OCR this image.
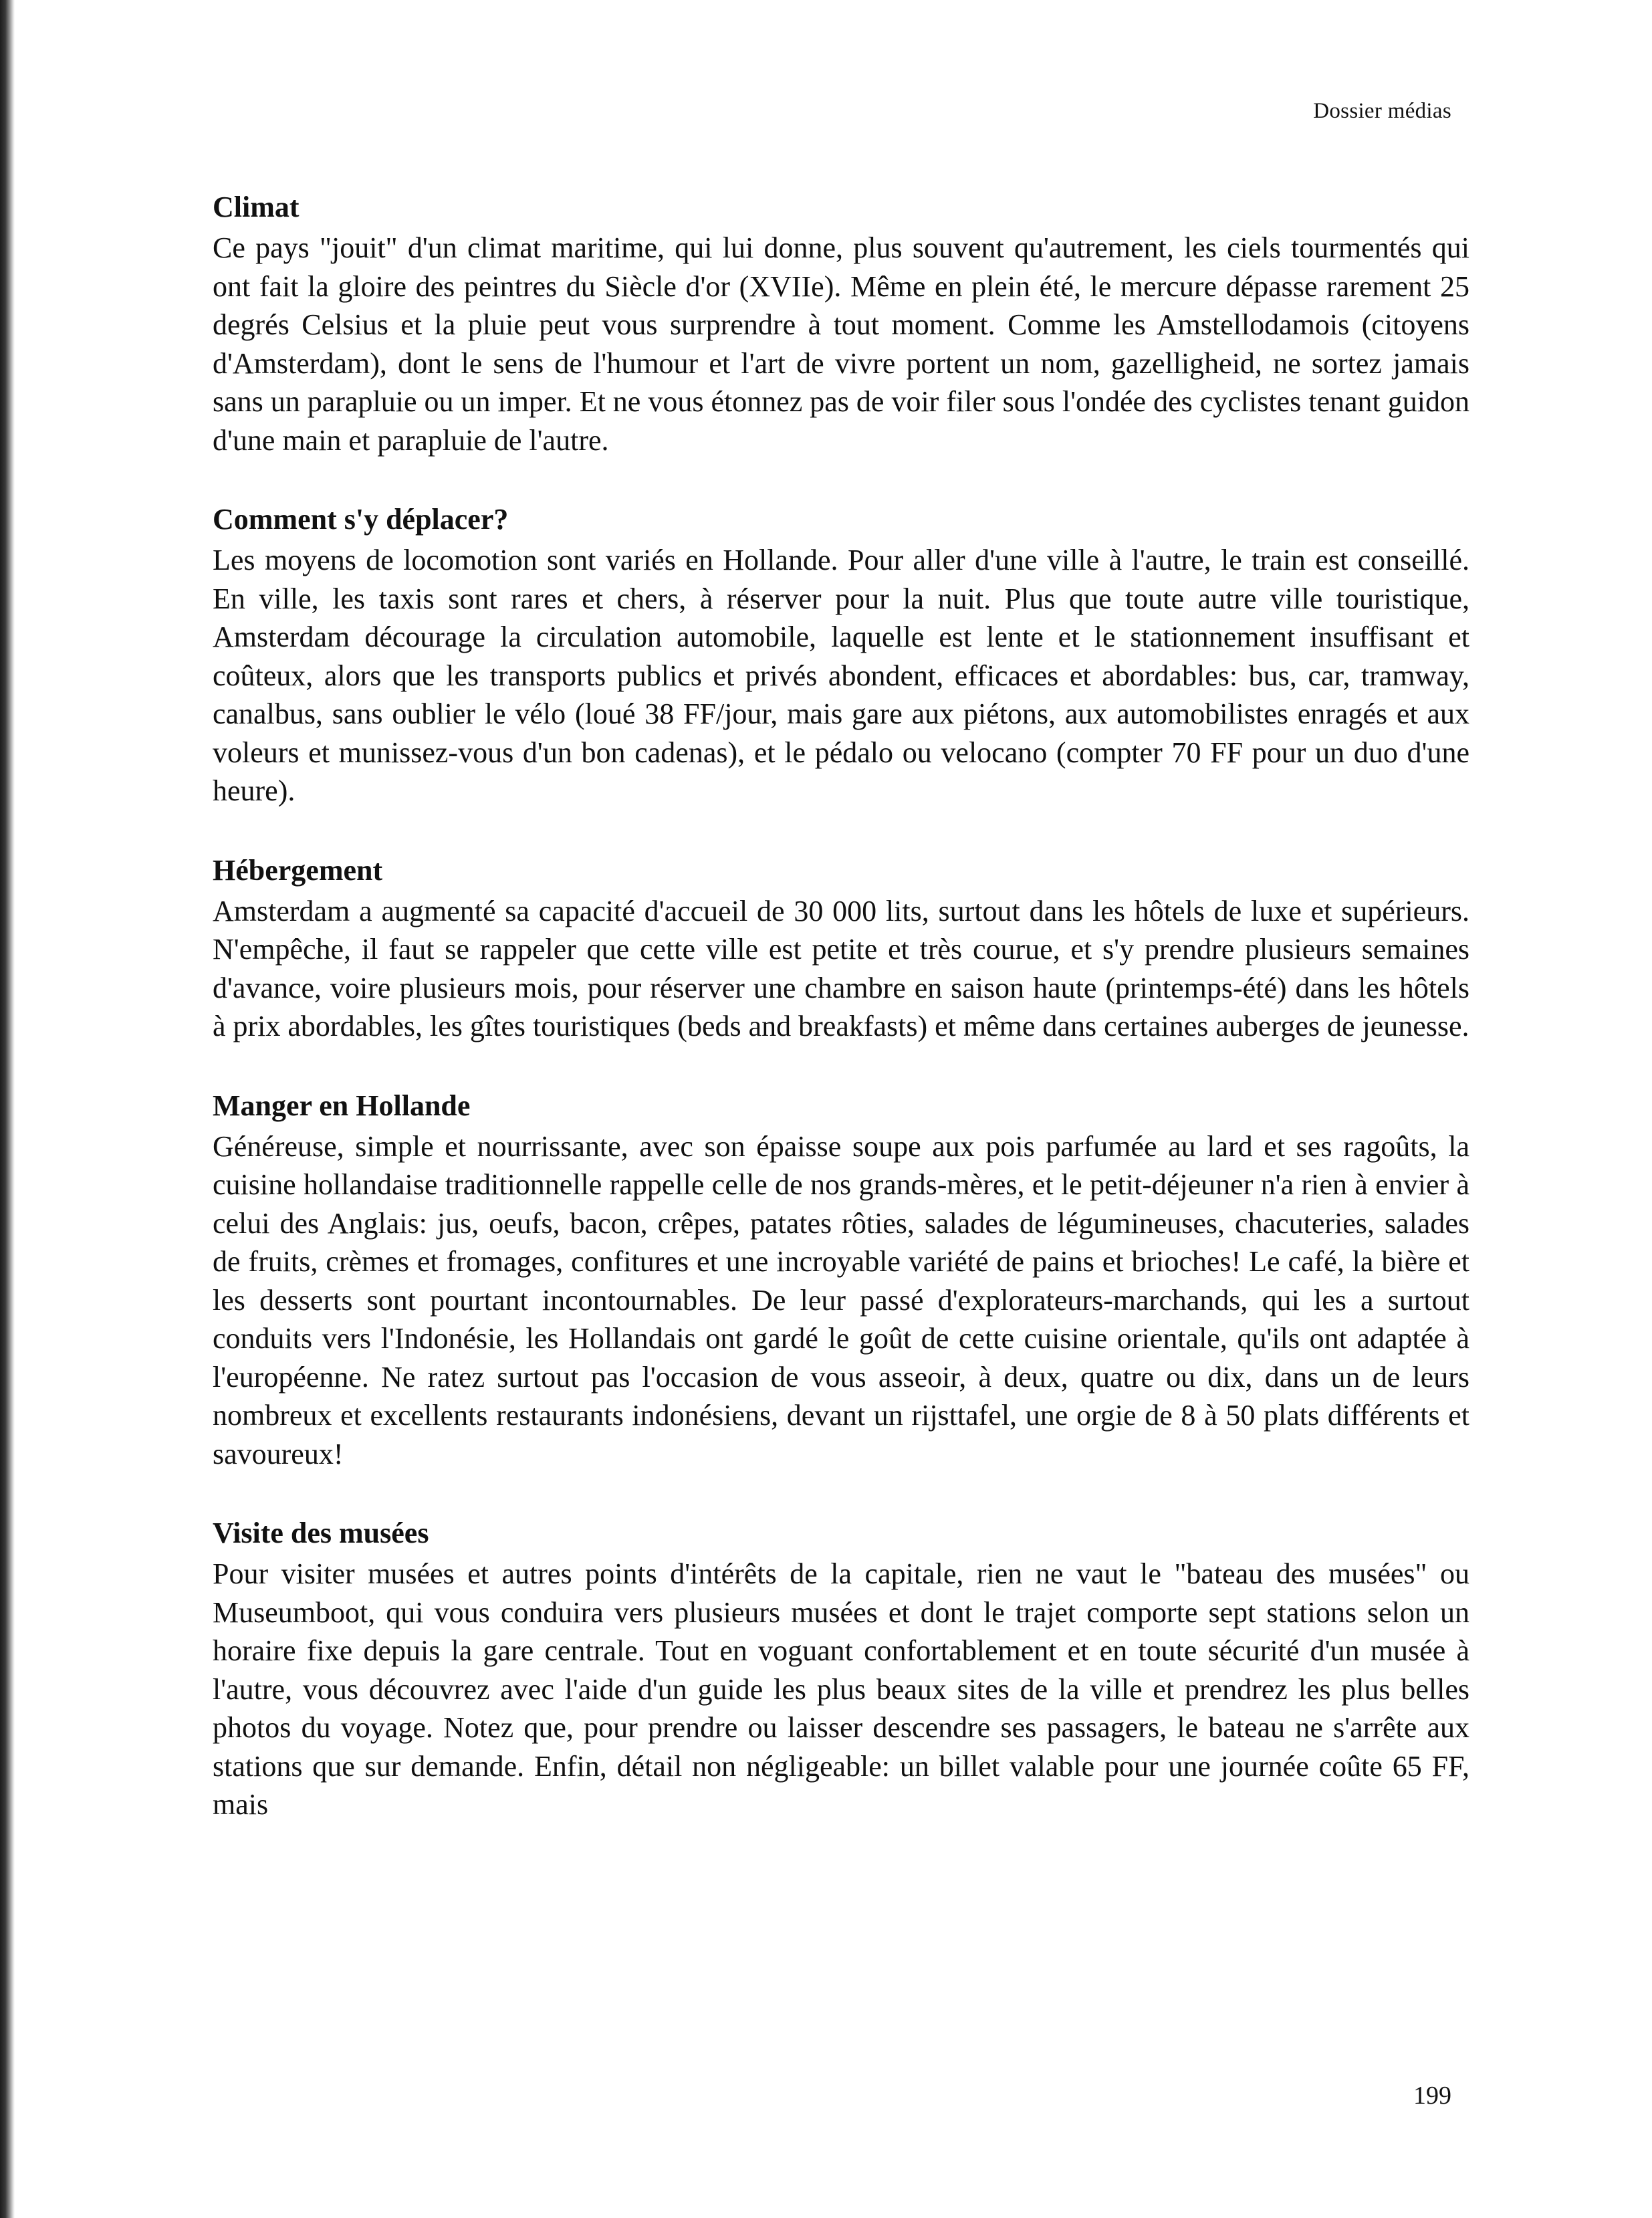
Dossier médias
Climat

Ce pays "jouit" d'un climat maritime, qui lui donne, plus souvent qu'autrement, les ciels tourmentés qui ont fait la gloire des peintres du Siècle d'or (XVIIe). Même en plein été, le mercure dépasse rarement 25 degrés Celsius et la pluie peut vous surprendre à tout moment. Comme les Amstellodamois (citoyens d'Amsterdam), dont le sens de l'humour et l'art de vivre portent un nom, gazelligheid, ne sortez jamais sans un parapluie ou un imper. Et ne vous étonnez pas de voir filer sous l'ondée des cyclistes tenant guidon d'une main et parapluie de l'autre.

Comment s'y déplacer?

Les moyens de locomotion sont variés en Hollande. Pour aller d'une ville à l'autre, le train est conseillé. En ville, les taxis sont rares et chers, à réserver pour la nuit. Plus que toute autre ville touristique, Amsterdam décourage la circulation automobile, laquelle est lente et le stationnement insuffisant et coûteux, alors que les transports publics et privés abondent, efficaces et abordables: bus, car, tramway, canalbus, sans oublier le vélo (loué 38 FF/jour, mais gare aux piétons, aux automobilistes enragés et aux voleurs et munissez-vous d'un bon cadenas), et le pédalo ou velocano (compter 70 FF pour un duo d'une heure).

Hébergement

Amsterdam a augmenté sa capacité d'accueil de 30 000 lits, surtout dans les hôtels de luxe et supérieurs. N'empêche, il faut se rappeler que cette ville est petite et très courue, et s'y prendre plusieurs semaines d'avance, voire plusieurs mois, pour réserver une chambre en saison haute (printemps-été) dans les hôtels à prix abordables, les gîtes touristiques (beds and breakfasts) et même dans certaines auberges de jeunesse.

Manger en Hollande

Généreuse, simple et nourrissante, avec son épaisse soupe aux pois parfumée au lard et ses ragoûts, la cuisine hollandaise traditionnelle rappelle celle de nos grands-mères, et le petit-déjeuner n'a rien à envier à celui des Anglais: jus, oeufs, bacon, crêpes, patates rôties, salades de légumineuses, chacuteries, salades de fruits, crèmes et fromages, confitures et une incroyable variété de pains et brioches! Le café, la bière et les desserts sont pourtant incontournables. De leur passé d'explorateurs-marchands, qui les a surtout conduits vers l'Indonésie, les Hollandais ont gardé le goût de cette cuisine orientale, qu'ils ont adaptée à l'européenne. Ne ratez surtout pas l'occasion de vous asseoir, à deux, quatre ou dix, dans un de leurs nombreux et excellents restaurants indonésiens, devant un rijsttafel, une orgie de 8 à 50 plats différents et savoureux!

Visite des musées

Pour visiter musées et autres points d'intérêts de la capitale, rien ne vaut le "bateau des musées" ou Museumboot, qui vous conduira vers plusieurs musées et dont le trajet comporte sept stations selon un horaire fixe depuis la gare centrale. Tout en voguant confortablement et en toute sécurité d'un musée à l'autre, vous découvrez avec l'aide d'un guide les plus beaux sites de la ville et prendrez les plus belles photos du voyage. Notez que, pour prendre ou laisser descendre ses passagers, le bateau ne s'arrête aux stations que sur demande. Enfin, détail non négligeable: un billet valable pour une journée coûte 65 FF, mais

199
